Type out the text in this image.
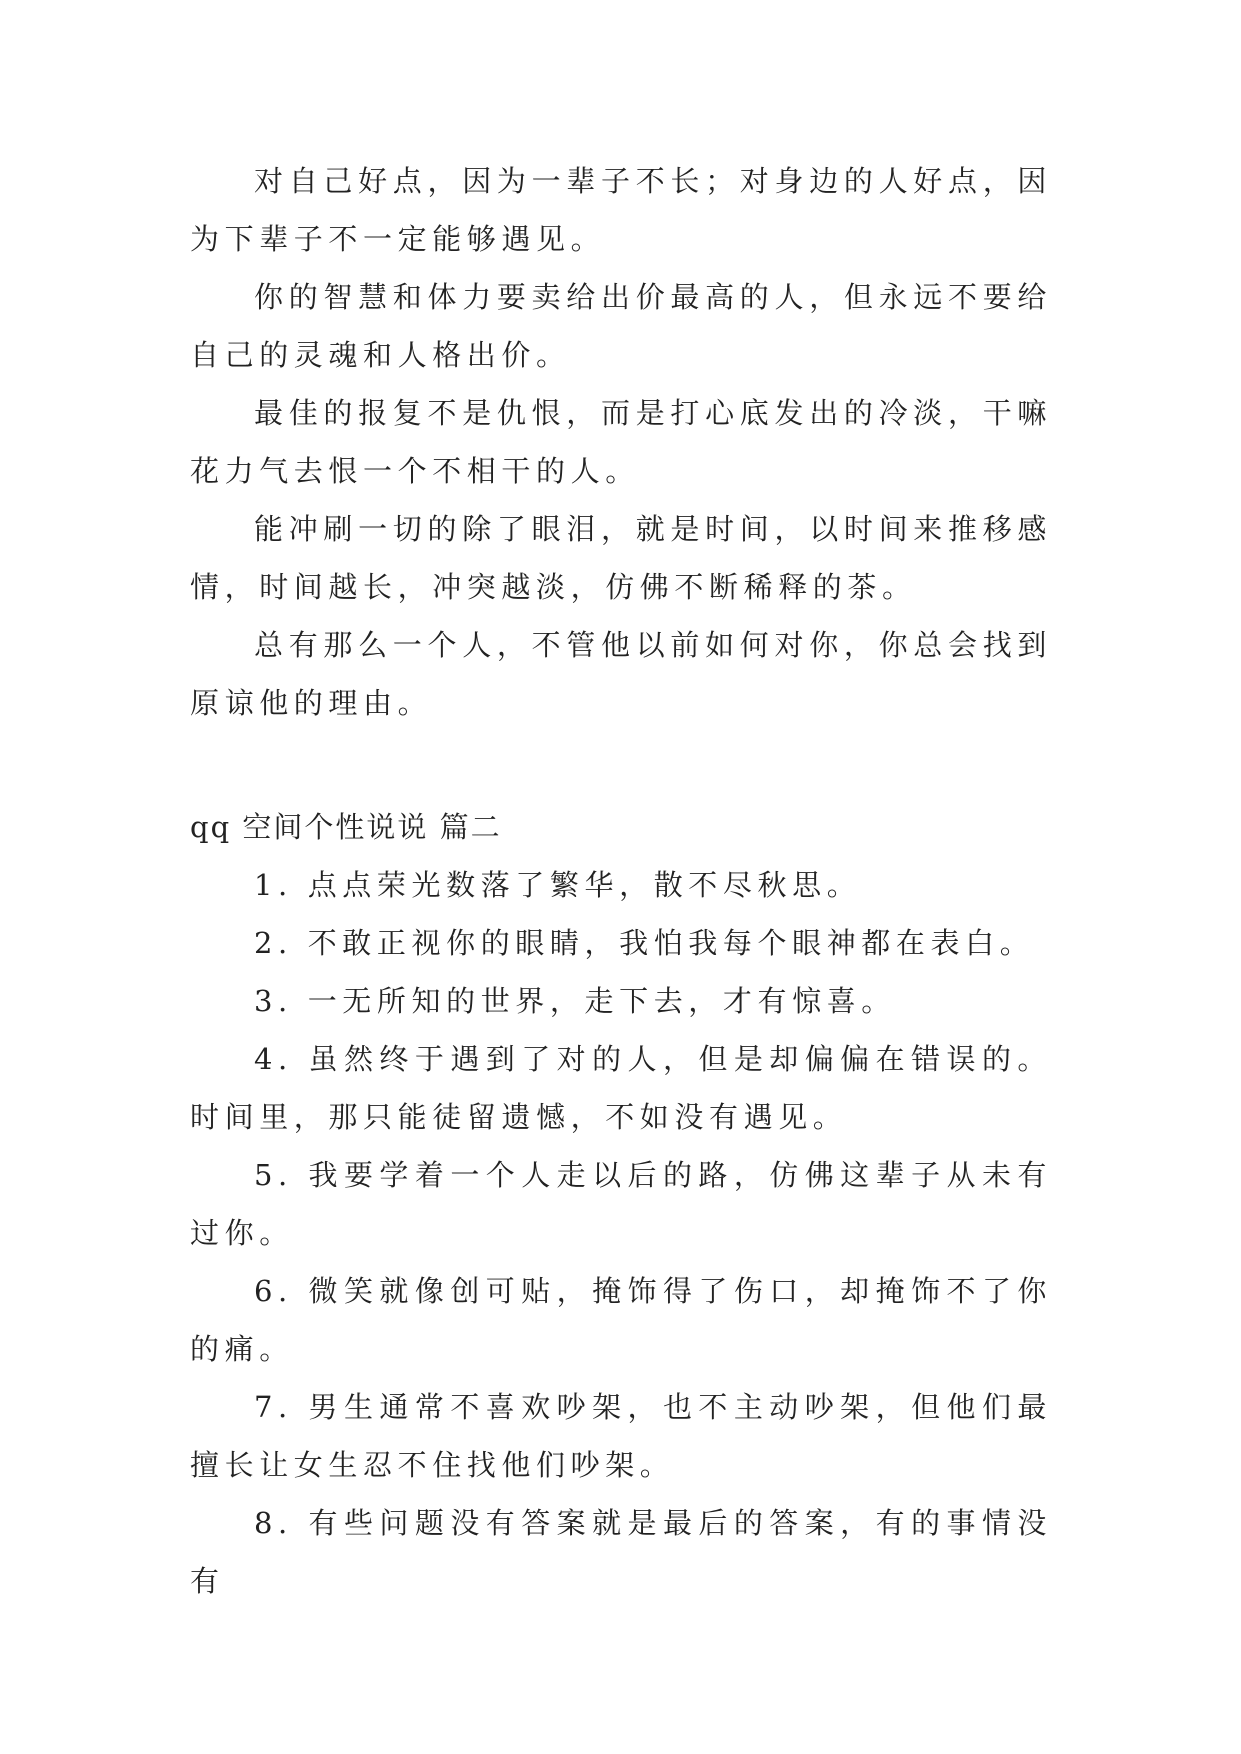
对自己好点，因为一辈子不长；对身边的人好点，因为下辈子不一定能够遇见。

你的智慧和体力要卖给出价最高的人，但永远不要给自己的灵魂和人格出价。

最佳的报复不是仇恨，而是打心底发出的冷淡，干嘛花力气去恨一个不相干的人。

能冲刷一切的除了眼泪，就是时间，以时间来推移感情，时间越长，冲突越淡，仿佛不断稀释的茶。

总有那么一个人，不管他以前如何对你，你总会找到原谅他的理由。

qq 空间个性说说 篇二

1. 点点荣光数落了繁华，散不尽秋思。

2. 不敢正视你的眼睛，我怕我每个眼神都在表白。

3. 一无所知的世界，走下去，才有惊喜。

4. 虽然终于遇到了对的人，但是却偏偏在错误的。时间里，那只能徒留遗憾，不如没有遇见。

5. 我要学着一个人走以后的路，仿佛这辈子从未有过你。

6. 微笑就像创可贴，掩饰得了伤口，却掩饰不了你的痛。

7. 男生通常不喜欢吵架，也不主动吵架，但他们最擅长让女生忍不住找他们吵架。

8. 有些问题没有答案就是最后的答案，有的事情没有
